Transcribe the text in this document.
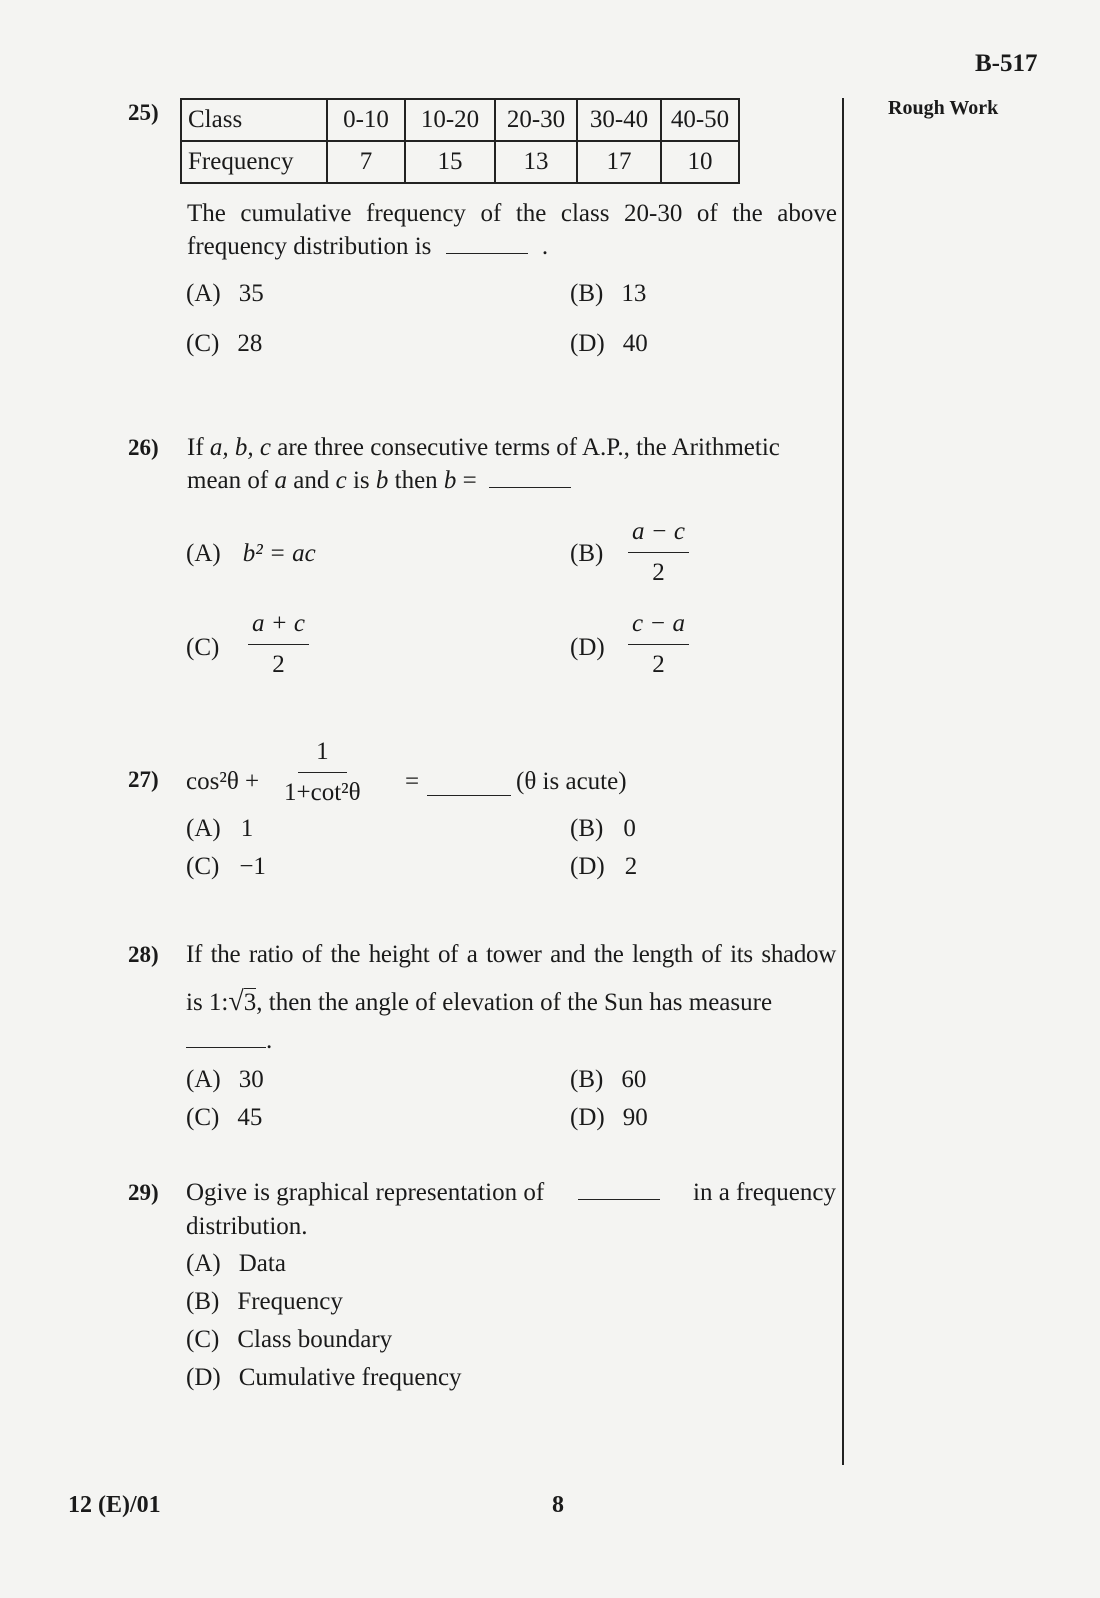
B-517
Rough Work
25) Class	0-10	10-20	20-30	30-40	40-50
Frequency	7	15	13	17	10
The cumulative frequency of the class 20-30 of the above
frequency distribution is	.
(A) 35	(B) 13
(C) 28	(D) 40
26) If a, b, c are three consecutive terms of A.P., the Arithmetic
mean of a and c is b then b =
(A) b² = ac	$(B) \frac{a - c}{2}$
$(C) \frac{a + c}{2}$	$(D) \frac{c - a}{2}$
27) $\cos^2\theta + \frac{1}{\text{1+cot²θ}}$ =	(θ is acute)
(A) 1	(B) 0
(C) −1	(D) 2
28) If the ratio of the height of a tower and the length of its shadow
is 1:√3, then the angle of elevation of the Sun has measure
.
(A) 30	(B) 60
(C) 45	(D) 90
29) Ogive is graphical representation of	in a frequency
distribution.
(A) Data
(B) Frequency
(C) Class boundary
(D) Cumulative frequency
12 (E)/01	8
